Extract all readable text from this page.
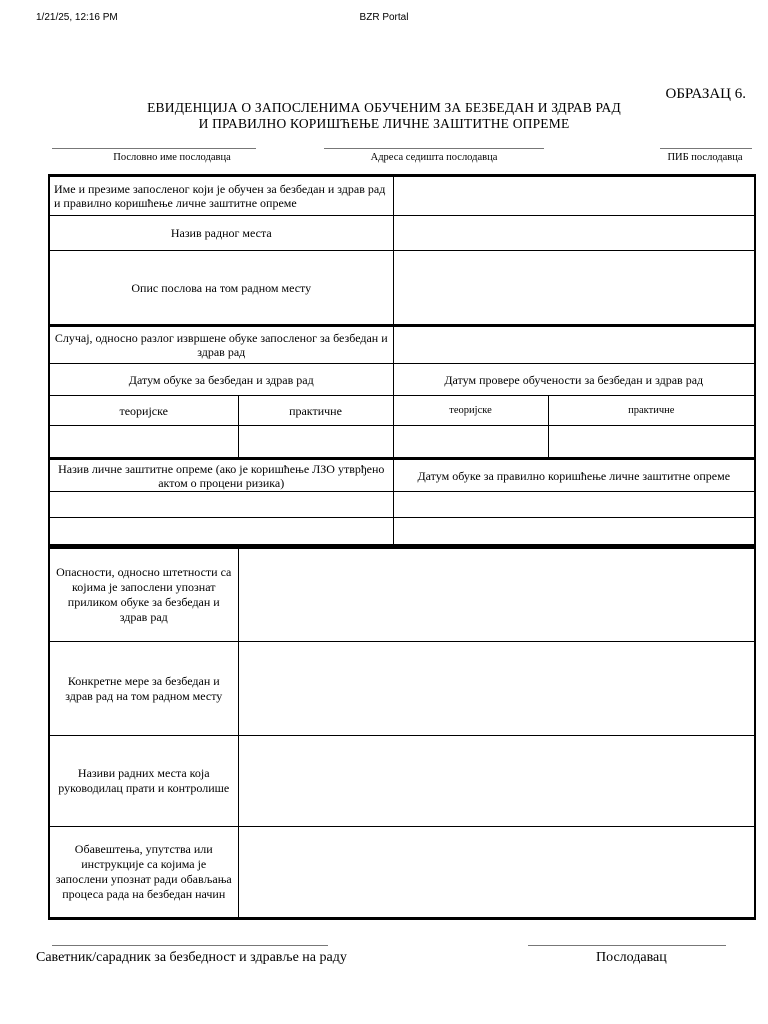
1/21/25, 12:16 PM	BZR Portal
ОБРАЗАЦ 6.
ЕВИДЕНЦИЈА О ЗАПОСЛЕНИМА ОБУЧЕНИМ ЗА БЕЗБЕДАН И ЗДРАВ РАД
И ПРАВИЛНО КОРИШЋЕЊЕ ЛИЧНЕ ЗАШТИТНЕ ОПРЕМЕ
Пословно име послодавца	Адреса седишта послодавца	ПИБ послодавца
Име и презиме запосленог који је обучен за безбедан и здрав рад и правилно коришћење личне заштитне опреме			
Назив радног места			
Опис послова на том радном месту			
Случај, односно разлог извршене обуке запосленог за безбедан и здрав рад			
Датум обуке за безбедан и здрав рад		Датум провере обучености за безбедан и здрав рад	
теоријске	практичне	теоријске	практичне

Назив личне заштитне опреме (ако је коришћење ЛЗО утврђено актом о процени ризика)		Датум обуке за правилно коришћење личне заштитне опреме	

Опасности, односно штетности са којима је запослени упознат приликом обуке за безбедан и здрав рад	
Конкретне мере за безбедан и здрав рад на том радном месту	
Називи радних места која руководилац прати и контролише	
Обавештења, упутства или инструкције са којима је запослени упознат ради обављања процеса рада на безбедан начин	
Саветник/сарадник за безбедност и здравље на раду	Послодавац
